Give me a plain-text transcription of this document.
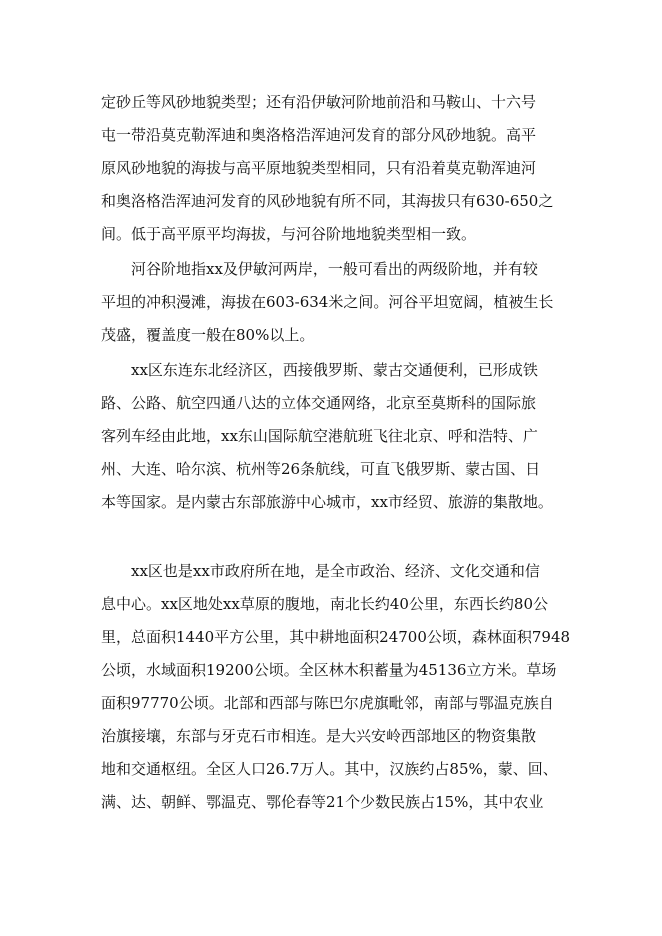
定砂丘等风砂地貌类型；还有沿伊敏河阶地前沿和马鞍山、十六号
屯一带沿莫克勒浑迪和奥洛格浩浑迪河发育的部分风砂地貌。高平
原风砂地貌的海拔与高平原地貌类型相同，只有沿着莫克勒浑迪河
和奥洛格浩浑迪河发育的风砂地貌有所不同，其海拔只有630-650之
间。低于高平原平均海拔，与河谷阶地地貌类型相一致。
河谷阶地指xx及伊敏河两岸，一般可看出的两级阶地，并有较
平坦的冲积漫滩，海拔在603-634米之间。河谷平坦宽阔，植被生长
茂盛，覆盖度一般在80%以上。
xx区东连东北经济区，西接俄罗斯、蒙古交通便利，已形成铁
路、公路、航空四通八达的立体交通网络，北京至莫斯科的国际旅
客列车经由此地，xx东山国际航空港航班飞往北京、呼和浩特、广
州、大连、哈尔滨、杭州等26条航线，可直飞俄罗斯、蒙古国、日
本等国家。是内蒙古东部旅游中心城市，xx市经贸、旅游的集散地。
xx区也是xx市政府所在地，是全市政治、经济、文化交通和信
息中心。xx区地处xx草原的腹地，南北长约40公里，东西长约80公
里，总面积1440平方公里，其中耕地面积24700公顷，森林面积7948
公顷，水域面积19200公顷。全区林木积蓄量为45136立方米。草场
面积97770公顷。北部和西部与陈巴尔虎旗毗邻，南部与鄂温克族自
治旗接壤，东部与牙克石市相连。是大兴安岭西部地区的物资集散
地和交通枢纽。全区人口26.7万人。其中，汉族约占85%，蒙、回、
满、达、朝鲜、鄂温克、鄂伦春等21个少数民族占15%，其中农业
